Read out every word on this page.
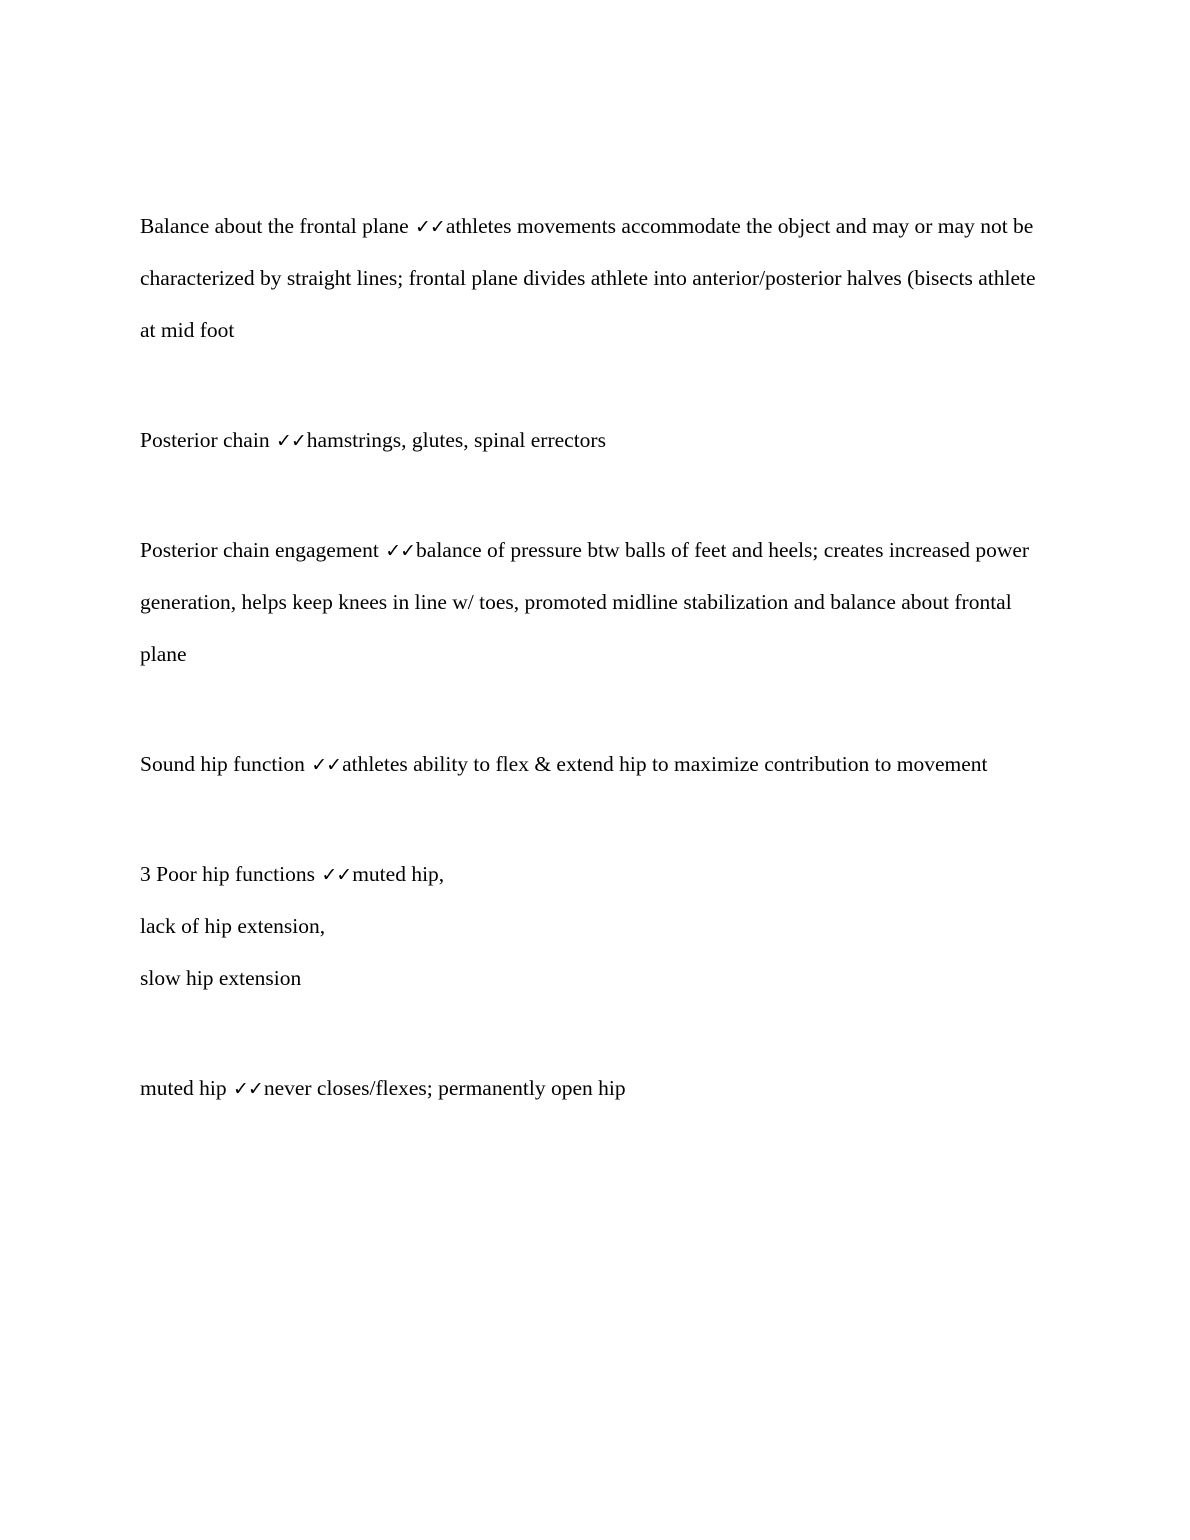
Balance about the frontal plane ✓✓athletes movements accommodate the object and may or may not be characterized by straight lines; frontal plane divides athlete into anterior/posterior halves (bisects athlete at mid foot

Posterior chain ✓✓hamstrings, glutes, spinal errectors

Posterior chain engagement ✓✓balance of pressure btw balls of feet and heels; creates increased power generation, helps keep knees in line w/ toes, promoted midline stabilization and balance about frontal plane

Sound hip function ✓✓athletes ability to flex & extend hip to maximize contribution to movement

3 Poor hip functions ✓✓muted hip,

lack of hip extension,

slow hip extension

muted hip ✓✓never closes/flexes; permanently open hip
